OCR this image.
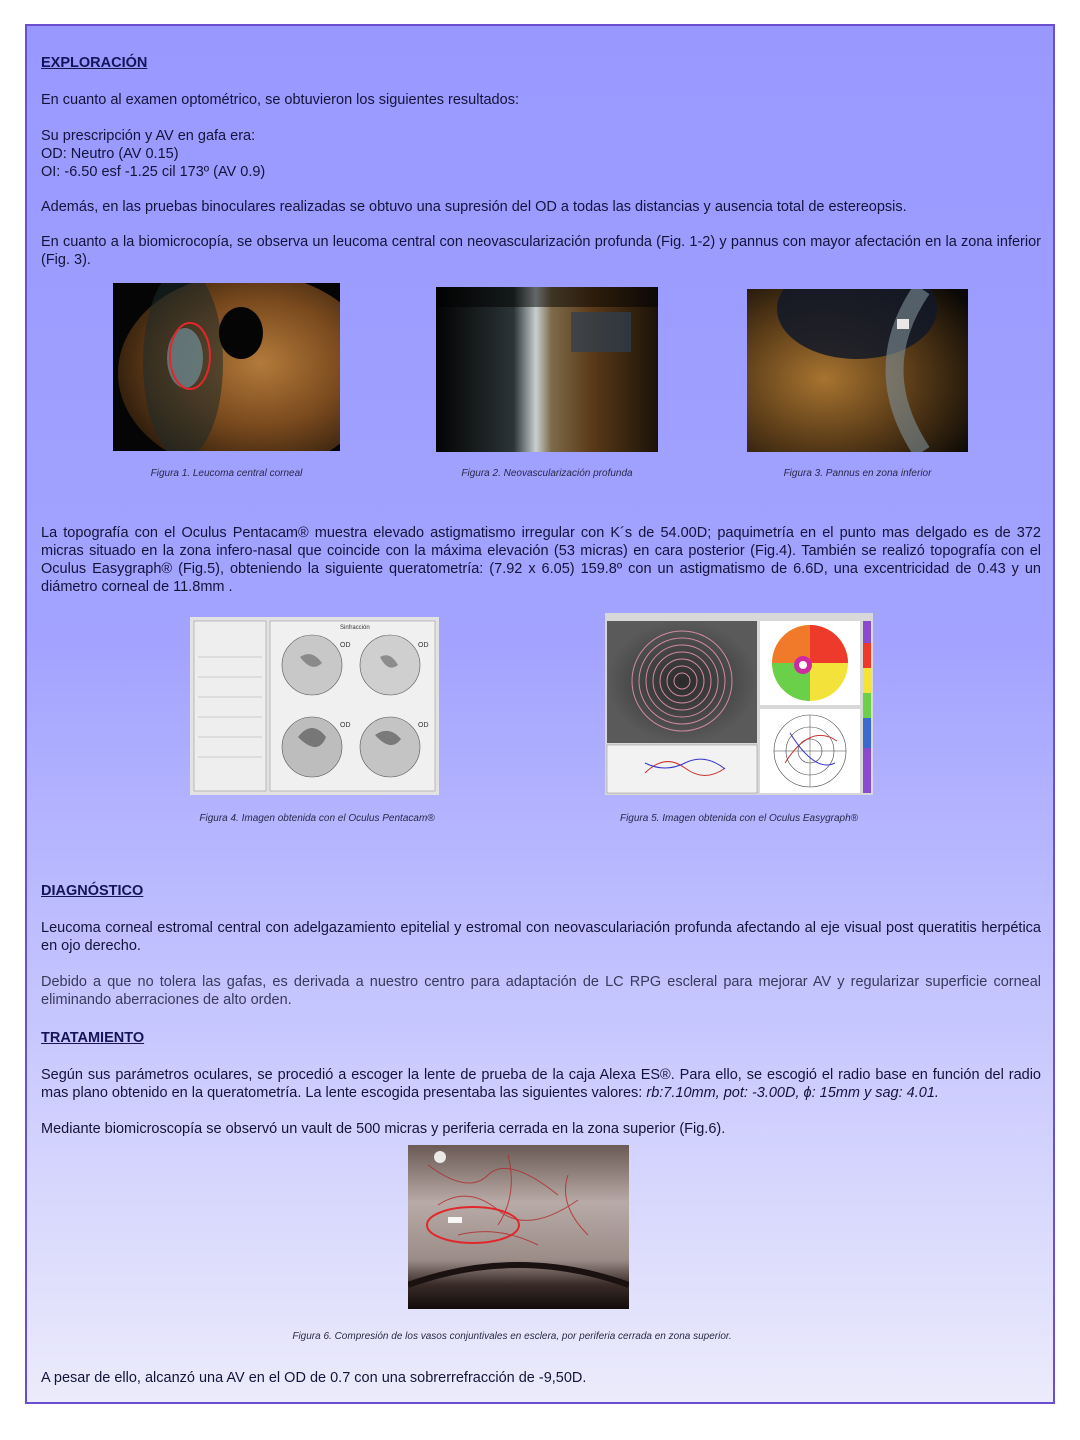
EXPLORACIÓN
En cuanto al examen optométrico, se obtuvieron los siguientes resultados:
Su prescripción y AV en gafa era:
OD: Neutro (AV 0.15)
OI: -6.50 esf -1.25 cil 173º (AV 0.9)
Además, en las pruebas binoculares realizadas se obtuvo una supresión del OD a todas las distancias y ausencia total de estereopsis.
En cuanto a la biomicrocopía, se observa un leucoma central con neovascularización profunda (Fig. 1-2) y pannus con mayor afectación en la zona inferior (Fig. 3).
Figura 1. Leucoma central corneal	Figura 2. Neovascularización profunda	Figura 3. Pannus en zona inferior
La topografía con el Oculus Pentacam® muestra elevado astigmatismo irregular con K´s de 54.00D; paquimetría en el punto mas delgado es de 372 micras situado en la zona infero-nasal que coincide con la máxima elevación (53 micras) en cara posterior (Fig.4). También se realizó topografía con el Oculus Easygraph® (Fig.5), obteniendo la siguiente queratometría: (7.92 x 6.05) 159.8º con un astigmatismo de 6.6D, una excentricidad de 0.43 y un diámetro corneal de 11.8mm .
Sinfracción
OD	OD
OD	OD
Figura 4. Imagen obtenida con el Oculus Pentacam®	Figura 5. Imagen obtenida con el Oculus Easygraph®
DIAGNÓSTICO
Leucoma corneal estromal central con adelgazamiento epitelial y estromal con neovasculariación profunda afectando al eje visual post queratitis herpética en ojo derecho.
Debido a que no tolera las gafas, es derivada a nuestro centro para adaptación de LC RPG escleral para mejorar AV y regularizar superficie corneal eliminando aberraciones de alto orden.
TRATAMIENTO
Según sus parámetros oculares, se procedió a escoger la lente de prueba de la caja Alexa ES®. Para ello, se escogió el radio base en función del radio mas plano obtenido en la queratometría. La lente escogida presentaba las siguientes valores: rb:7.10mm, pot: -3.00D, ϕ: 15mm y sag: 4.01.
Mediante biomicroscopía se observó un vault de 500 micras y periferia cerrada en la zona superior (Fig.6).
Figura 6. Compresión de los vasos conjuntivales en esclera, por periferia cerrada en zona superior.
A pesar de ello, alcanzó una AV en el OD de 0.7 con una sobrerrefracción de -9,50D.
